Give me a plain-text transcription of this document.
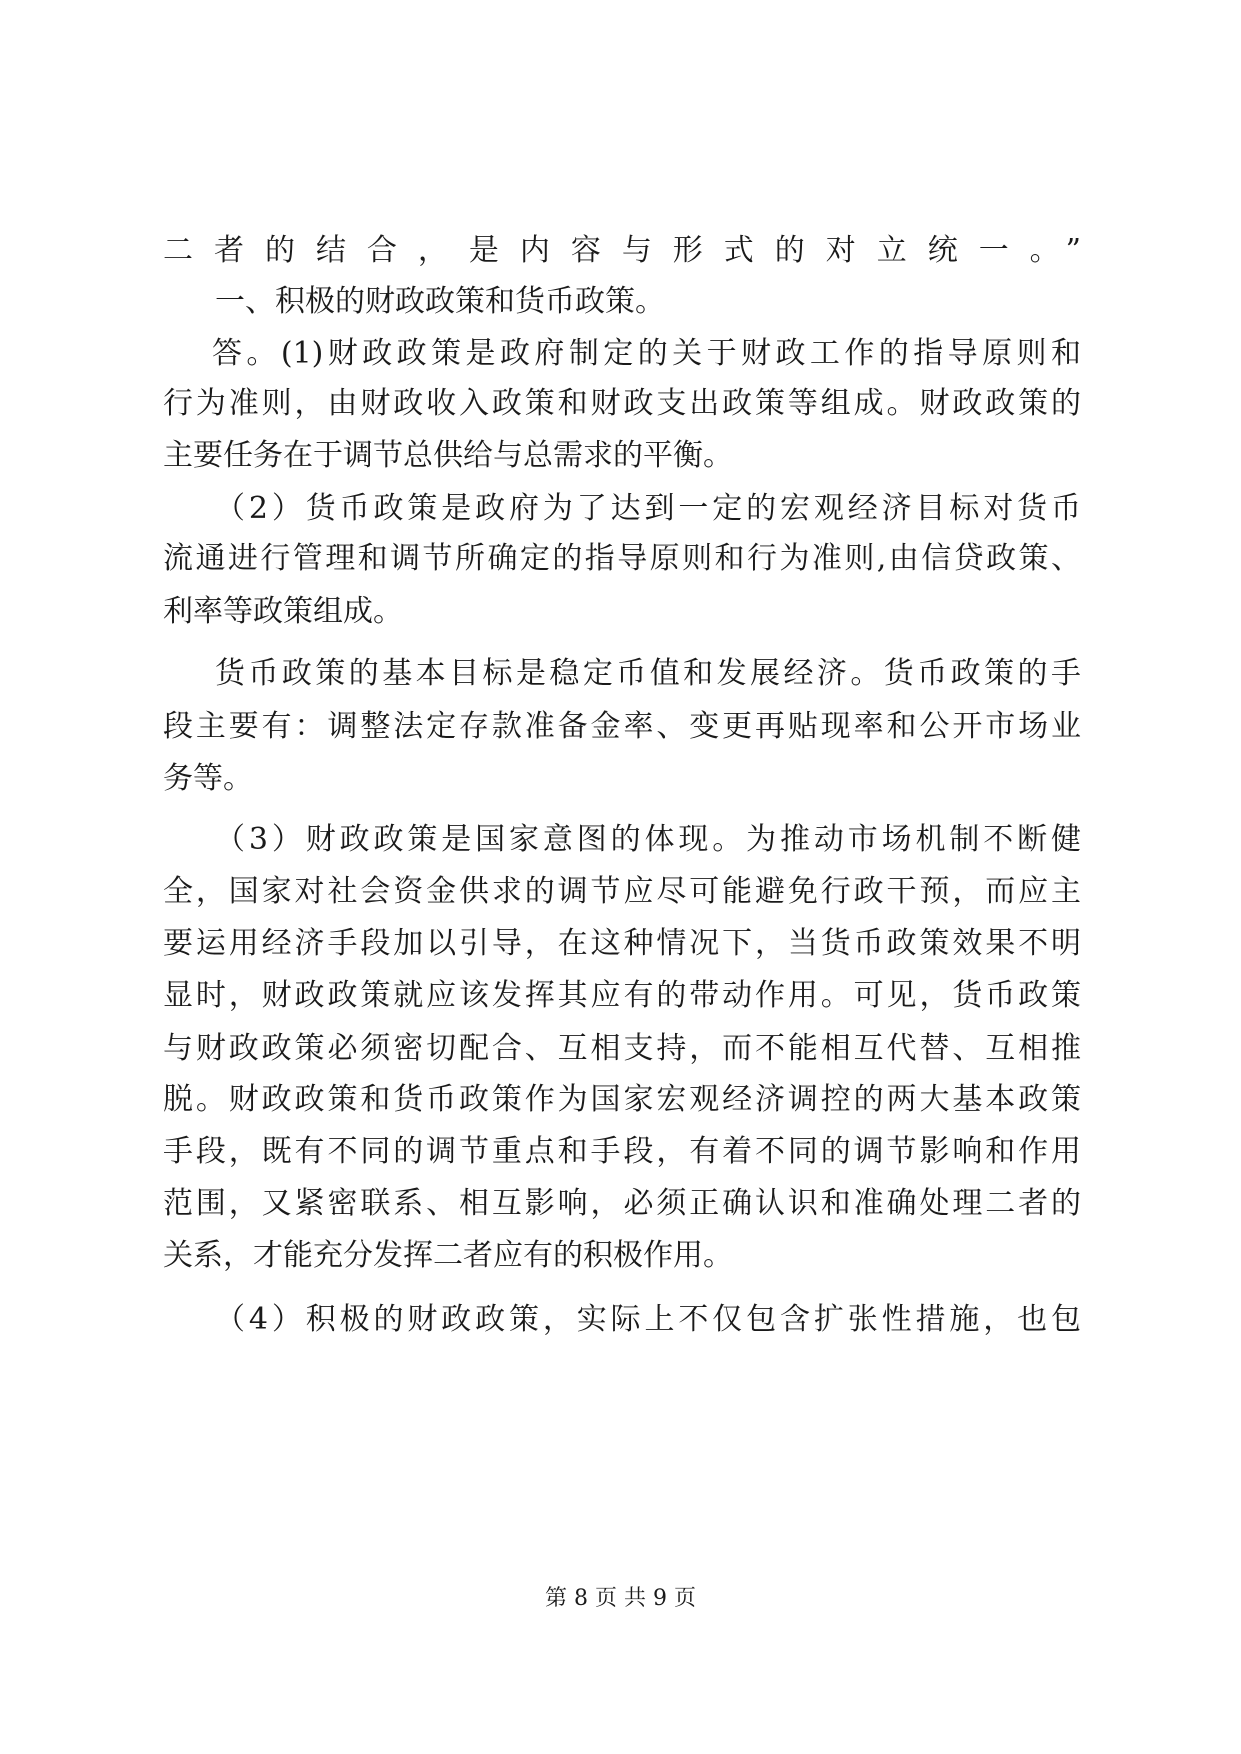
二者的结合，是内容与形式的对立统一。”
一、积极的财政政策和货币政策。
答。(1)财政政策是政府制定的关于财政工作的指导原则和
行为准则，由财政收入政策和财政支出政策等组成。财政政策的
主要任务在于调节总供给与总需求的平衡。
（2）货币政策是政府为了达到一定的宏观经济目标对货币
流通进行管理和调节所确定的指导原则和行为准则,由信贷政策、
利率等政策组成。
货币政策的基本目标是稳定币值和发展经济。货币政策的手
段主要有：调整法定存款准备金率、变更再贴现率和公开市场业
务等。
（3）财政政策是国家意图的体现。为推动市场机制不断健
全，国家对社会资金供求的调节应尽可能避免行政干预，而应主
要运用经济手段加以引导，在这种情况下，当货币政策效果不明
显时，财政政策就应该发挥其应有的带动作用。可见，货币政策
与财政政策必须密切配合、互相支持，而不能相互代替、互相推
脱。财政政策和货币政策作为国家宏观经济调控的两大基本政策
手段，既有不同的调节重点和手段，有着不同的调节影响和作用
范围，又紧密联系、相互影响，必须正确认识和准确处理二者的
关系，才能充分发挥二者应有的积极作用。
（4）积极的财政政策，实际上不仅包含扩张性措施，也包
第 8 页 共 9 页
